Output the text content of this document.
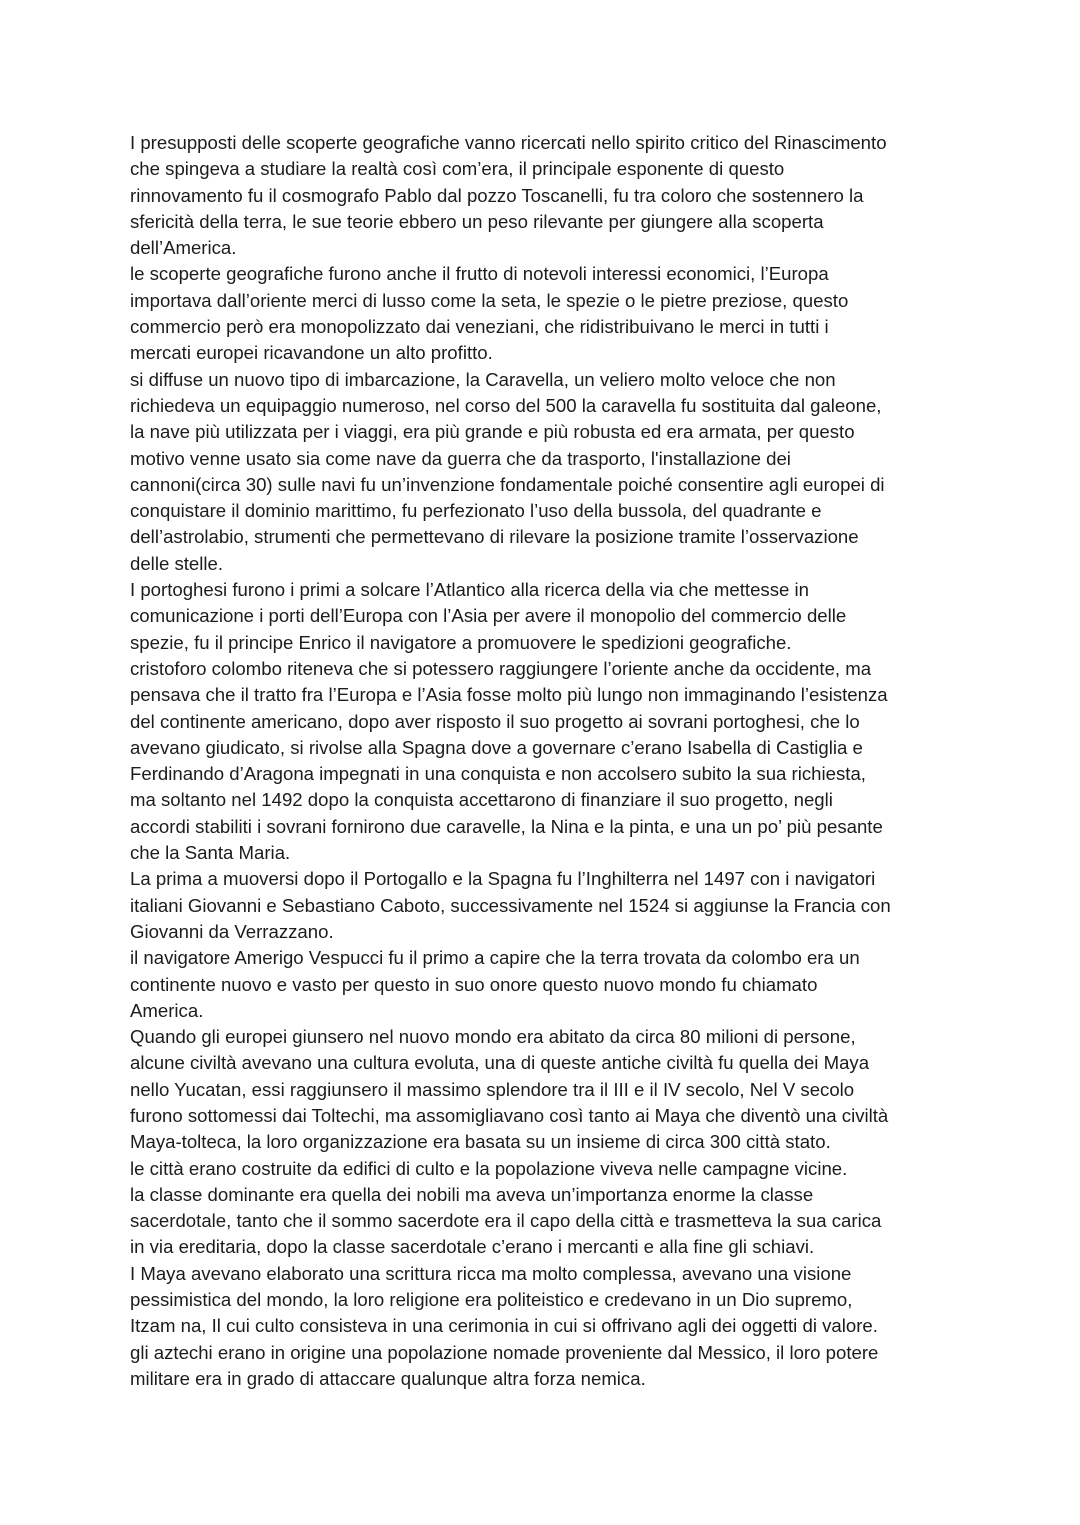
I presupposti delle scoperte geografiche vanno ricercati nello spirito critico del Rinascimento
che spingeva a studiare la realtà così com’era, il principale esponente di questo
rinnovamento fu il cosmografo Pablo dal pozzo Toscanelli, fu tra coloro che sostennero la
sfericità della terra, le sue teorie ebbero un peso rilevante per giungere alla scoperta
dell’America.
le scoperte geografiche furono anche il frutto di notevoli interessi economici, l’Europa
importava dall’oriente merci di lusso come la seta, le spezie o le pietre preziose, questo
commercio però era monopolizzato dai veneziani, che ridistribuivano le merci in tutti i
mercati europei ricavandone un alto profitto.
si diffuse un nuovo tipo di imbarcazione, la Caravella, un veliero molto veloce che non
richiedeva un equipaggio numeroso, nel corso del 500 la caravella fu sostituita dal galeone,
la nave più utilizzata per i viaggi, era più grande e più robusta ed era armata, per questo
motivo venne usato sia come nave da guerra che da trasporto, l'installazione dei
cannoni(circa 30) sulle navi fu un’invenzione fondamentale poiché consentire agli europei di
conquistare il dominio marittimo, fu perfezionato l’uso della bussola, del quadrante e
dell’astrolabio, strumenti che permettevano di rilevare la posizione tramite l’osservazione
delle stelle.
I portoghesi furono i primi a solcare l’Atlantico alla ricerca della via che mettesse in
comunicazione i porti dell’Europa con l’Asia per avere il monopolio del commercio delle
spezie, fu il principe Enrico il navigatore a promuovere le spedizioni geografiche.
cristoforo colombo riteneva che si potessero raggiungere l’oriente anche da occidente, ma
pensava che il tratto fra l’Europa e l’Asia fosse molto più lungo non immaginando l’esistenza
del continente americano, dopo aver risposto il suo progetto ai sovrani portoghesi, che lo
avevano giudicato, si rivolse alla Spagna dove a governare c’erano Isabella di Castiglia e
Ferdinando d’Aragona impegnati in una conquista e non accolsero subito la sua richiesta,
ma soltanto nel 1492 dopo la conquista accettarono di finanziare il suo progetto, negli
accordi stabiliti i sovrani fornirono due caravelle, la Nina e la pinta, e una un po’ più pesante
che la Santa Maria.
La prima a muoversi dopo il Portogallo e la Spagna fu l’Inghilterra nel 1497 con i navigatori
italiani Giovanni e Sebastiano Caboto, successivamente nel 1524 si aggiunse la Francia con
Giovanni da Verrazzano.
il navigatore Amerigo Vespucci fu il primo a capire che la terra trovata da colombo era un
continente nuovo e vasto per questo in suo onore questo nuovo mondo fu chiamato
America.
Quando gli europei giunsero nel nuovo mondo era abitato da circa 80 milioni di persone,
alcune civiltà avevano una cultura evoluta, una di queste antiche civiltà fu quella dei Maya
nello Yucatan, essi raggiunsero il massimo splendore tra il III e il IV secolo, Nel V secolo
furono sottomessi dai Toltechi, ma assomigliavano così tanto ai Maya che diventò una civiltà
Maya-tolteca, la loro organizzazione era basata su un insieme di circa 300 città stato.
le città erano costruite da edifici di culto e la popolazione viveva nelle campagne vicine.
la classe dominante era quella dei nobili ma aveva un’importanza enorme la classe
sacerdotale, tanto che il sommo sacerdote era il capo della città e trasmetteva la sua carica
in via ereditaria, dopo la classe sacerdotale c’erano i mercanti e alla fine gli schiavi.
I Maya avevano elaborato una scrittura ricca ma molto complessa, avevano una visione
pessimistica del mondo, la loro religione era politeistico e credevano in un Dio supremo,
Itzam na, Il cui culto consisteva in una cerimonia in cui si offrivano agli dei oggetti di valore.
gli aztechi erano in origine una popolazione nomade proveniente dal Messico, il loro potere
militare era in grado di attaccare qualunque altra forza nemica.
